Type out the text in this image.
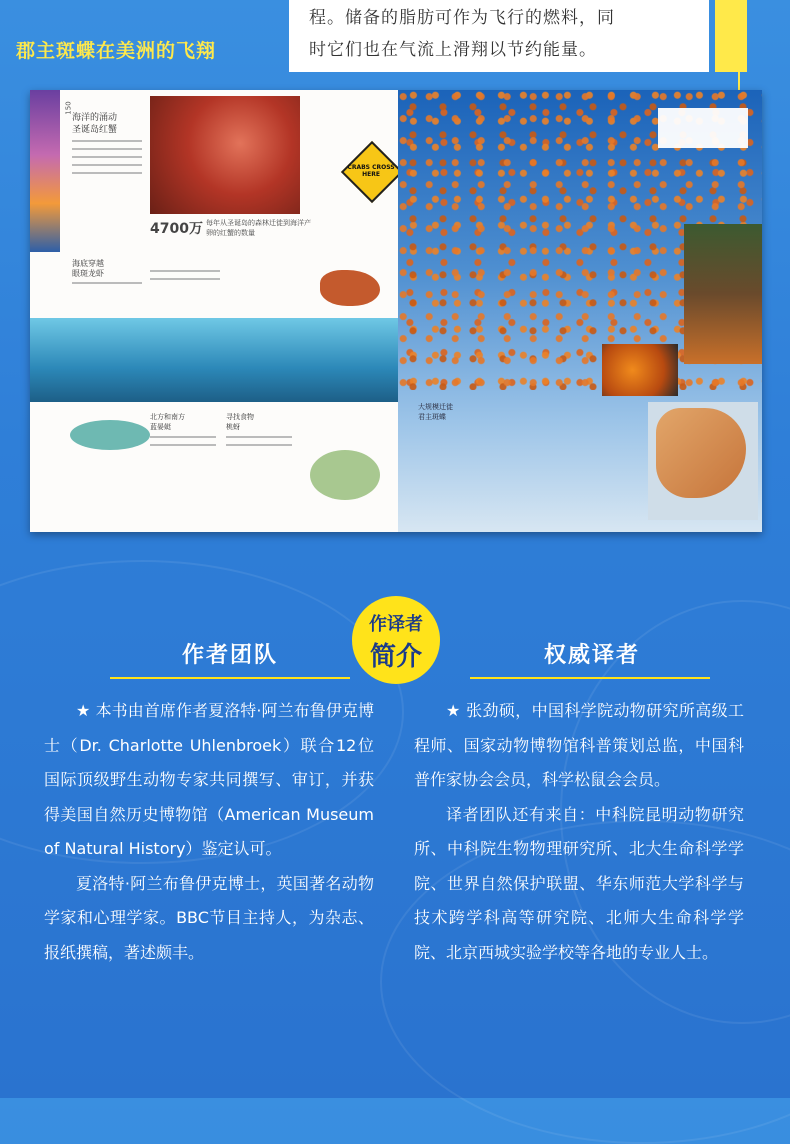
郡主斑蝶在美洲的飞翔
程。储备的脂肪可作为飞行的燃料，同
时它们也在气流上滑翔以节约能量。
150
海洋的涌动
圣诞岛红蟹
4700万 每年从圣诞岛的森林迁徙到海洋产卵的红蟹的数量
CRABS CROSS HERE
海底穿越
眼斑龙虾
北方和南方
蓝晏蜓
寻找食物
桃蚜
大规模迁徙
君主斑蝶
作译者
简介
作者团队	权威译者

★ 本书由首席作者夏洛特·阿兰布鲁伊克博士（Dr. Charlotte Uhlenbroek）联合12位国际顶级野生动物专家共同撰写、审订，并获得美国自然历史博物馆（American Museum of Natural History）鉴定认可。

夏洛特·阿兰布鲁伊克博士，英国著名动物学家和心理学家。BBC节目主持人，为杂志、报纸撰稿，著述颇丰。

★ 张劲硕，中国科学院动物研究所高级工程师、国家动物博物馆科普策划总监，中国科普作家协会会员，科学松鼠会会员。

译者团队还有来自：中科院昆明动物研究所、中科院生物物理研究所、北大生命科学学院、世界自然保护联盟、华东师范大学科学与技术跨学科高等研究院、北师大生命科学学院、北京西城实验学校等各地的专业人士。
